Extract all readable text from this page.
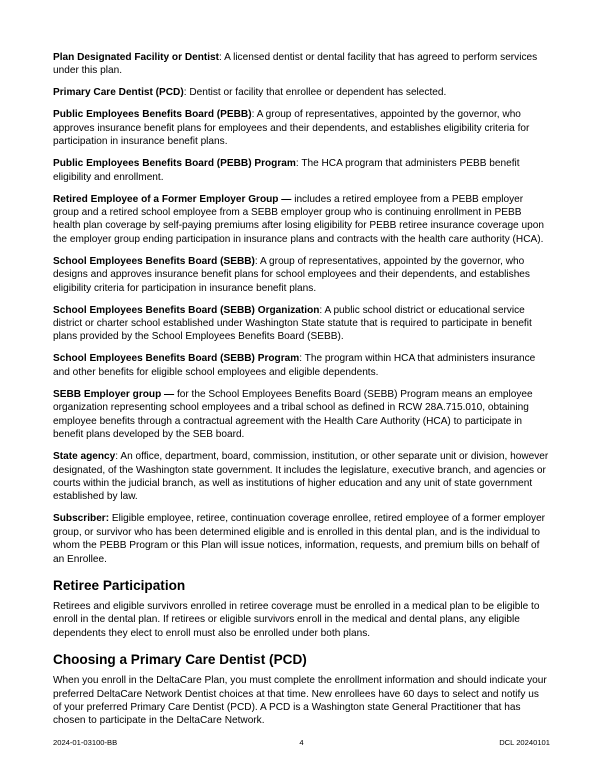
Plan Designated Facility or Dentist: A licensed dentist or dental facility that has agreed to perform services under this plan.

Primary Care Dentist (PCD): Dentist or facility that enrollee or dependent has selected.

Public Employees Benefits Board (PEBB): A group of representatives, appointed by the governor, who approves insurance benefit plans for employees and their dependents, and establishes eligibility criteria for participation in insurance benefit plans.

Public Employees Benefits Board (PEBB) Program: The HCA program that administers PEBB benefit eligibility and enrollment.

Retired Employee of a Former Employer Group — includes a retired employee from a PEBB employer group and a retired school employee from a SEBB employer group who is continuing enrollment in PEBB health plan coverage by self-paying premiums after losing eligibility for PEBB retiree insurance coverage upon the employer group ending participation in insurance plans and contracts with the health care authority (HCA).

School Employees Benefits Board (SEBB): A group of representatives, appointed by the governor, who designs and approves insurance benefit plans for school employees and their dependents, and establishes eligibility criteria for participation in insurance benefit plans.

School Employees Benefits Board (SEBB) Organization: A public school district or educational service district or charter school established under Washington State statute that is required to participate in benefit plans provided by the School Employees Benefits Board (SEBB).

School Employees Benefits Board (SEBB) Program: The program within HCA that administers insurance and other benefits for eligible school employees and eligible dependents.

SEBB Employer group — for the School Employees Benefits Board (SEBB) Program means an employee organization representing school employees and a tribal school as defined in RCW 28A.715.010, obtaining employee benefits through a contractual agreement with the Health Care Authority (HCA) to participate in benefit plans developed by the SEB board.

State agency: An office, department, board, commission, institution, or other separate unit or division, however designated, of the Washington state government. It includes the legislature, executive branch, and agencies or courts within the judicial branch, as well as institutions of higher education and any unit of state government established by law.

Subscriber: Eligible employee, retiree, continuation coverage enrollee, retired employee of a former employer group, or survivor who has been determined eligible and is enrolled in this dental plan, and is the individual to whom the PEBB Program or this Plan will issue notices, information, requests, and premium bills on behalf of an Enrollee.

Retiree Participation

Retirees and eligible survivors enrolled in retiree coverage must be enrolled in a medical plan to be eligible to enroll in the dental plan. If retirees or eligible survivors enroll in the medical and dental plans, any eligible dependents they elect to enroll must also be enrolled under both plans.

Choosing a Primary Care Dentist (PCD)

When you enroll in the DeltaCare Plan, you must complete the enrollment information and should indicate your preferred DeltaCare Network Dentist choices at that time. New enrollees have 60 days to select and notify us of your preferred Primary Care Dentist (PCD). A PCD is a Washington state General Practitioner that has chosen to participate in the DeltaCare Network.

2024-01-03100-BB	4	DCL 20240101
